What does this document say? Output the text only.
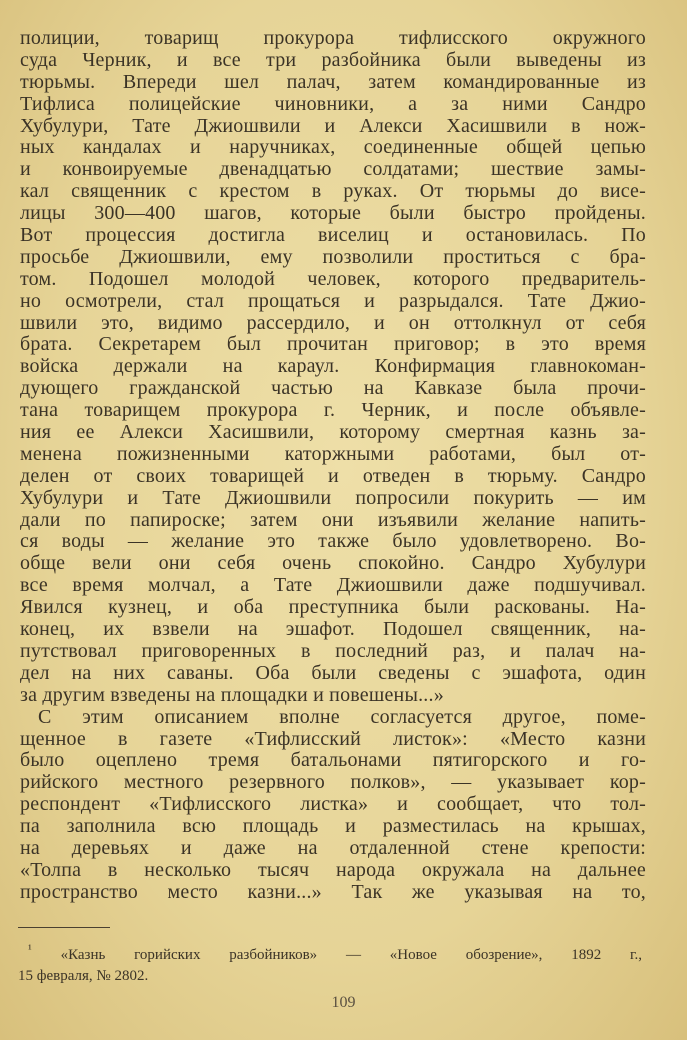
полиции, товарищ прокурора тифлисского окружного
суда Черник, и все три разбойника были выведены из
тюрьмы. Впереди шел палач, затем командированные из
Тифлиса полицейские чиновники, а за ними Сандро
Хубулури, Тате Джиошвили и Алекси Хасишвили в нож-
ных кандалах и наручниках, соединенные общей цепью
и конвоируемые двенадцатью солдатами; шествие замы-
кал священник с крестом в руках. От тюрьмы до висе-
лицы 300—400 шагов, которые были быстро пройдены.
Вот процессия достигла виселиц и остановилась. По
просьбе Джиошвили, ему позволили проститься с бра-
том. Подошел молодой человек, которого предваритель-
но осмотрели, стал прощаться и разрыдался. Тате Джио-
швили это, видимо рассердило, и он оттолкнул от себя
брата. Секретарем был прочитан приговор; в это время
войска держали на караул. Конфирмация главнокоман-
дующего гражданской частью на Кавказе была прочи-
тана товарищем прокурора г. Черник, и после объявле-
ния ее Алекси Хасишвили, которому смертная казнь за-
менена пожизненными каторжными работами, был от-
делен от своих товарищей и отведен в тюрьму. Сандро
Хубулури и Тате Джиошвили попросили покурить — им
дали по папироске; затем они изъявили желание напить-
ся воды — желание это также было удовлетворено. Во-
обще вели они себя очень спокойно. Сандро Хубулури
все время молчал, а Тате Джиошвили даже подшучивал.
Явился кузнец, и оба преступника были раскованы. На-
конец, их взвели на эшафот. Подошел священник, на-
путствовал приговоренных в последний раз, и палач на-
дел на них саваны. Оба были сведены с эшафота, один
за другим взведены на площадки и повешены...»
С этим описанием вполне согласуется другое, поме-
щенное в газете «Тифлисский листок»: «Место казни
было оцеплено тремя батальонами пятигорского и го-
рийского местного резервного полков», — указывает кор-
респондент «Тифлисского листка» и сообщает, что тол-
па заполнила всю площадь и разместилась на крышах,
на деревьях и даже на отдаленной стене крепости:
«Толпа в несколько тысяч народа окружала на дальнее
пространство место казни...» Так же указывая на то,
$^{^1}$ «Казнь горийских разбойников» — «Новое обозрение», 1892 г.,
15 февраля, № 2802.
109
